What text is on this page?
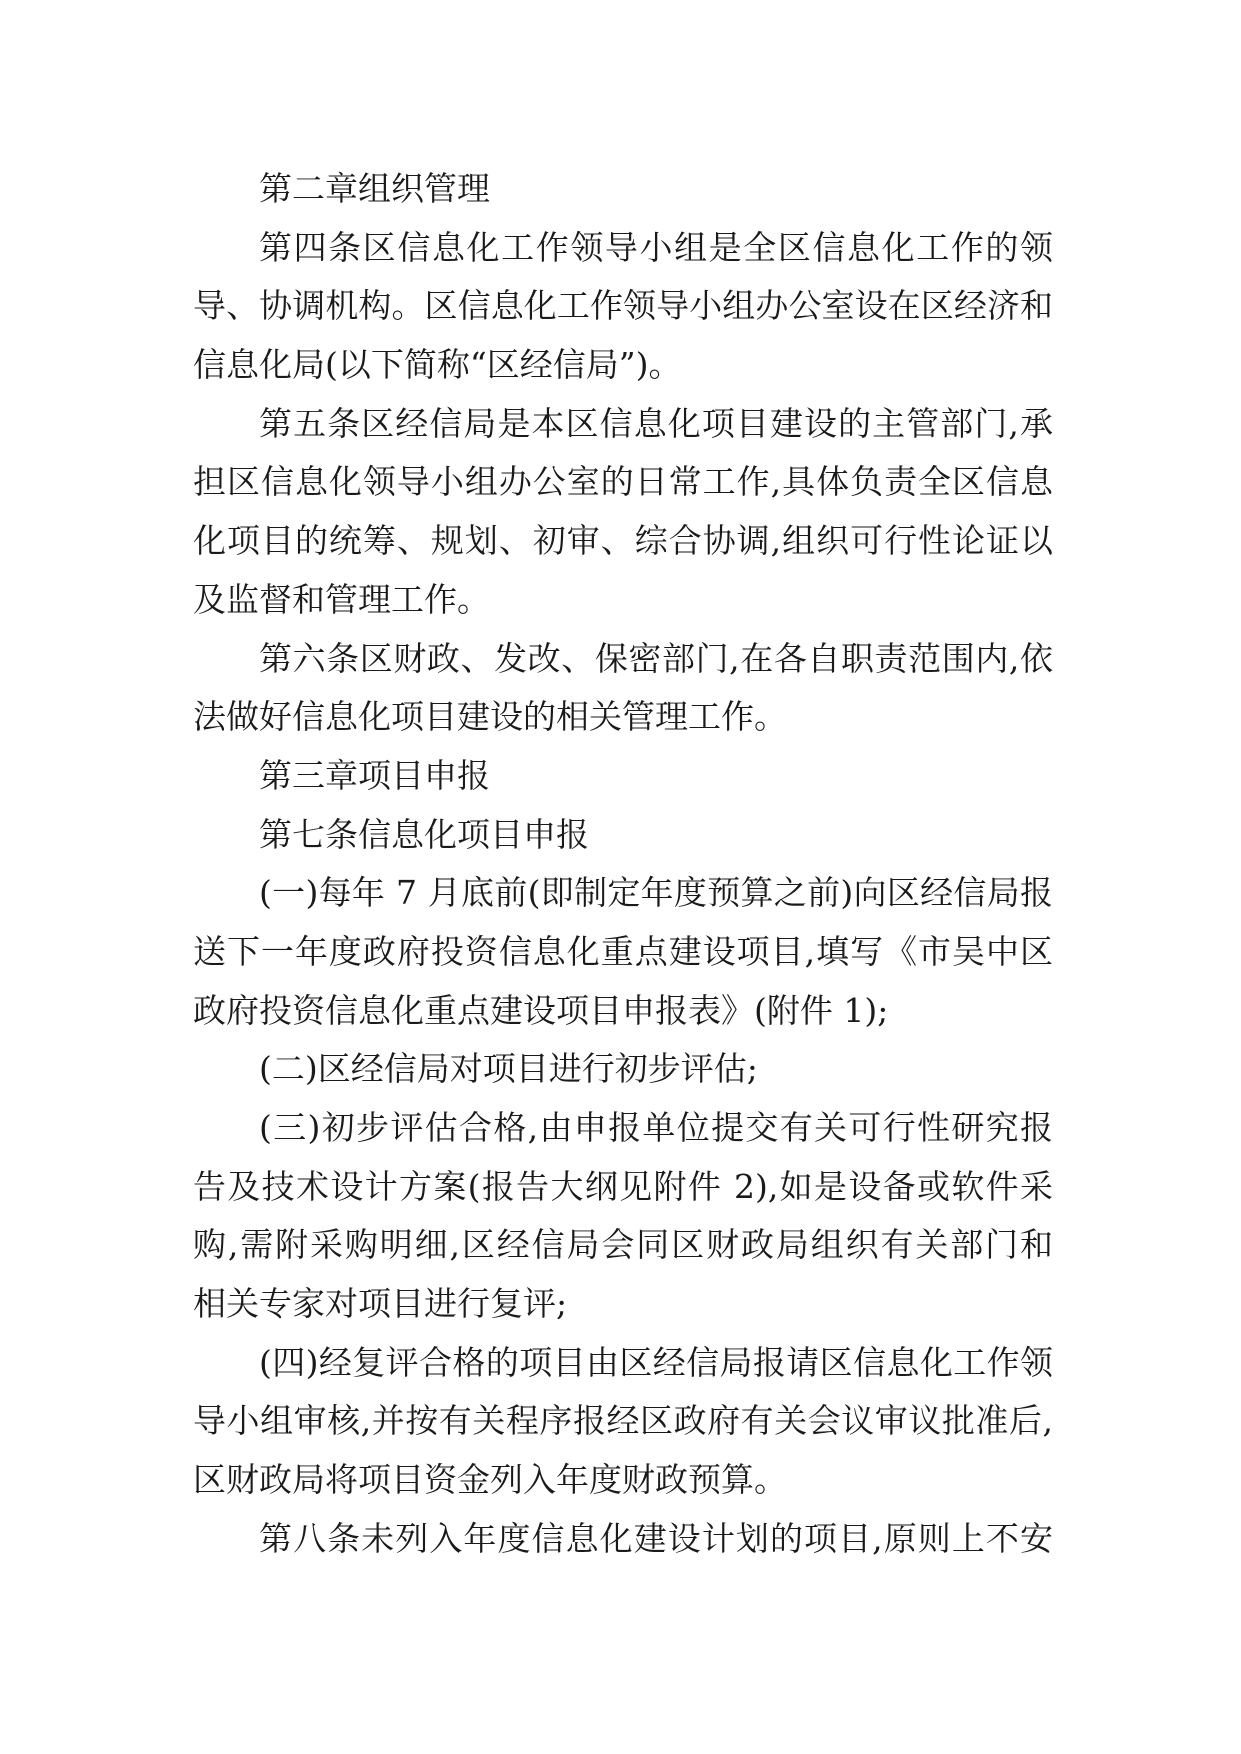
第二章组织管理
第四条区信息化工作领导小组是全区信息化工作的领
导、协调机构。区信息化工作领导小组办公室设在区经济和
信息化局(以下简称“区经信局”)。
第五条区经信局是本区信息化项目建设的主管部门,承
担区信息化领导小组办公室的日常工作,具体负责全区信息
化项目的统筹、规划、初审、综合协调,组织可行性论证以
及监督和管理工作。
第六条区财政、发改、保密部门,在各自职责范围内,依
法做好信息化项目建设的相关管理工作。
第三章项目申报
第七条信息化项目申报
(一)每年 7 月底前(即制定年度预算之前)向区经信局报
送下一年度政府投资信息化重点建设项目,填写《市吴中区
政府投资信息化重点建设项目申报表》(附件 1);
(二)区经信局对项目进行初步评估;
(三)初步评估合格,由申报单位提交有关可行性研究报
告及技术设计方案(报告大纲见附件 2),如是设备或软件采
购,需附采购明细,区经信局会同区财政局组织有关部门和
相关专家对项目进行复评;
(四)经复评合格的项目由区经信局报请区信息化工作领
导小组审核,并按有关程序报经区政府有关会议审议批准后,
区财政局将项目资金列入年度财政预算。
第八条未列入年度信息化建设计划的项目,原则上不安
